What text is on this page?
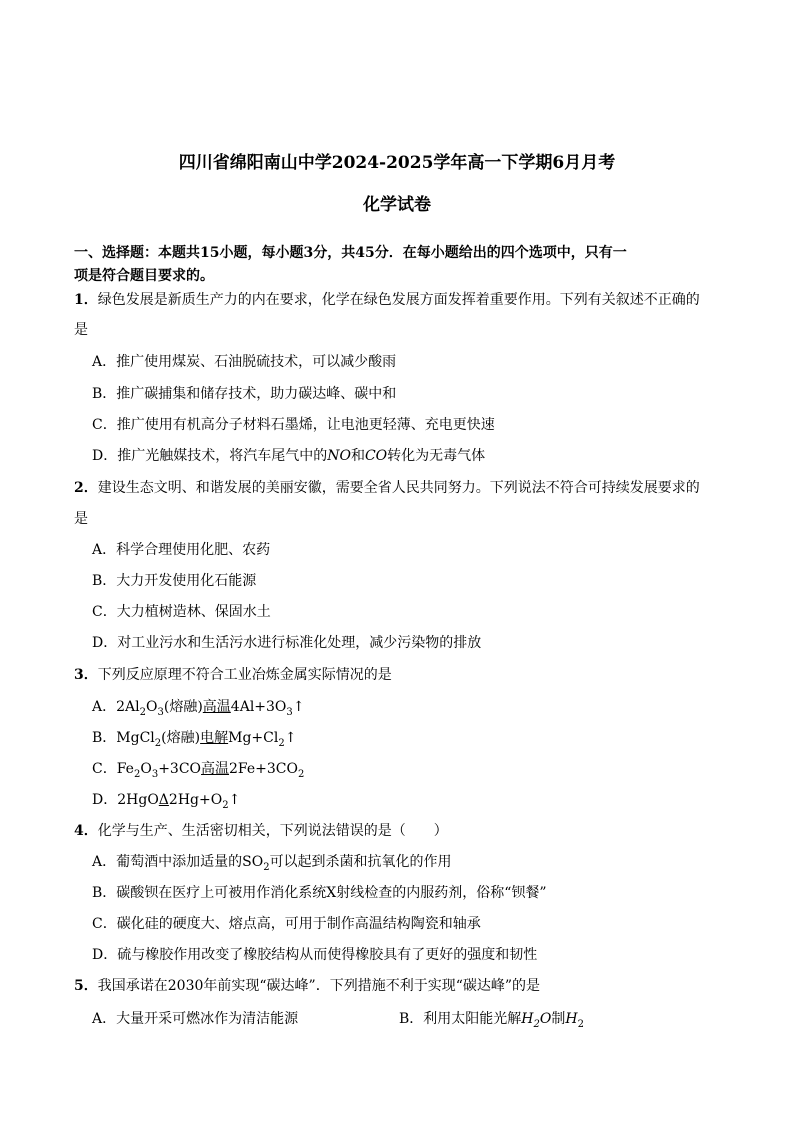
四川省绵阳南山中学2024-2025学年高一下学期6月月考
化学试卷
一、选择题：本题共15小题，每小题3分，共45分．在每小题给出的四个选项中，只有一
项是符合题目要求的。
1．绿色发展是新质生产力的内在要求，化学在绿色发展方面发挥着重要作用。下列有关叙述不正确的
是
A．推广使用煤炭、石油脱硫技术，可以减少酸雨
B．推广碳捕集和储存技术，助力碳达峰、碳中和
C．推广使用有机高分子材料石墨烯，让电池更轻薄、充电更快速
D．推广光触媒技术，将汽车尾气中的NO和CO转化为无毒气体
2．建设生态文明、和谐发展的美丽安徽，需要全省人民共同努力。下列说法不符合可持续发展要求的
是
A．科学合理使用化肥、农药
B．大力开发使用化石能源
C．大力植树造林、保固水土
D．对工业污水和生活污水进行标准化处理，减少污染物的排放
3．下列反应原理不符合工业冶炼金属实际情况的是
A．$2Al_2O_3$(熔融)高温$4Al+3O_3↑$
B．MgCl$_2$(熔融)电解$Mg+Cl_2↑$
C．$Fe_2O_3+3CO$高温$2Fe+3CO_2$
D．$2HgO\Delta 2Hg+O_2↑$
4．化学与生产、生活密切相关，下列说法错误的是（　　）
A．葡萄酒中添加适量的$SO_2$可以起到杀菌和抗氧化的作用
B．碳酸钡在医疗上可被用作消化系统X射线检查的内服药剂，俗称“钡餐”
C．碳化硅的硬度大、熔点高，可用于制作高温结构陶瓷和轴承
D．硫与橡胶作用改变了橡胶结构从而使得橡胶具有了更好的强度和韧性
5．我国承诺在2030年前实现“碳达峰”．下列措施不利于实现“碳达峰”的是
A．大量开采可燃冰作为清洁能源	B．利用太阳能光解$H_2O$制$H_2$
